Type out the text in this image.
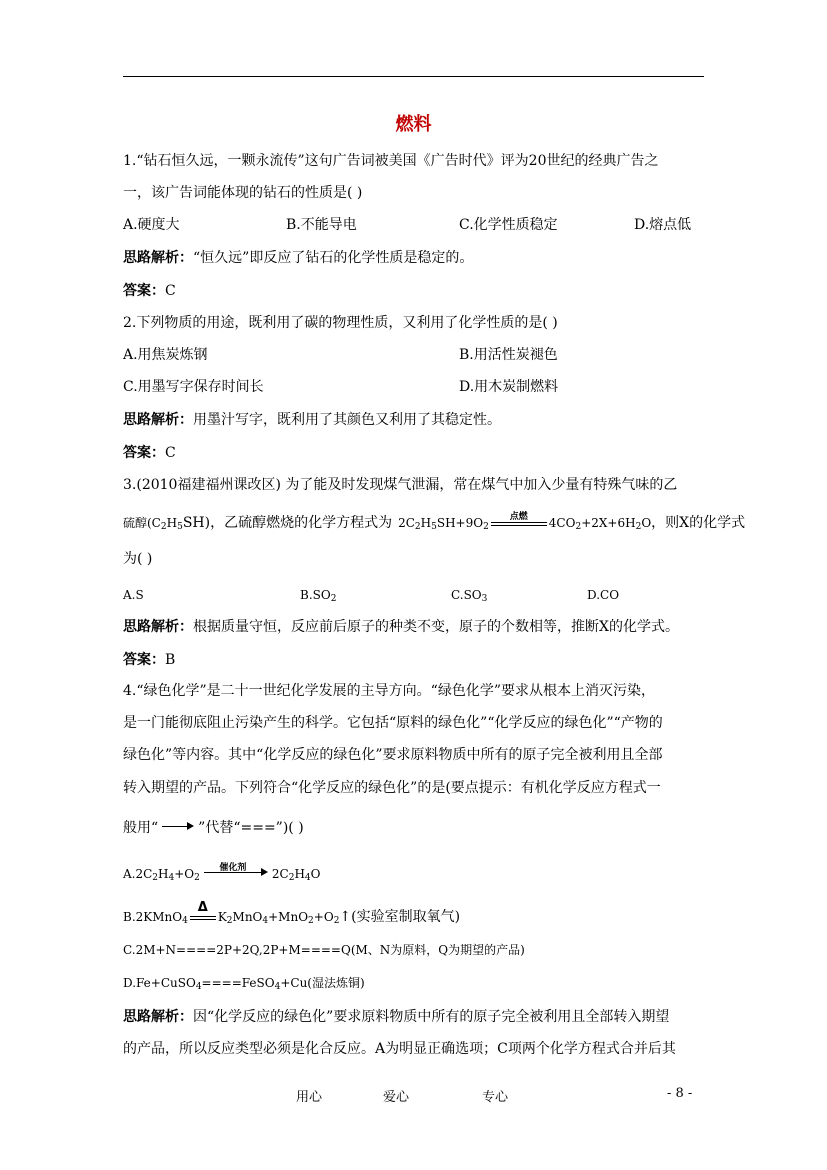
燃料
1.“钻石恒久远，一颗永流传”这句广告词被美国《广告时代》评为20世纪的经典广告之
一，该广告词能体现的钻石的性质是( )
A.硬度大	B.不能导电	C.化学性质稳定	D.熔点低
思路解析：“恒久远”即反应了钻石的化学性质是稳定的。
答案：C
2.下列物质的用途，既利用了碳的物理性质，又利用了化学性质的是( )
A.用焦炭炼钢	B.用活性炭褪色
C.用墨写字保存时间长	D.用木炭制燃料
思路解析：用墨汁写字，既利用了其颜色又利用了其稳定性。
答案：C
3.(2010福建福州课改区) 为了能及时发现煤气泄漏，常在煤气中加入少量有特殊气味的乙
硫醇$(C_2H_5SH)$，乙硫醇燃烧的化学方程式为 $2C_2H_5SH+9O_2$
点燃	$4CO_2+2X+6H_2O$，则X的化学式
为( )
A.S	$B.SO_2$	$C.SO_3$	D.CO
思路解析：根据质量守恒，反应前后原子的种类不变，原子的个数相等，推断X的化学式。
答案：B
4.“绿色化学”是二十一世纪化学发展的主导方向。“绿色化学”要求从根本上消灭污染，
是一门能彻底阻止污染产生的科学。它包括“原料的绿色化”“化学反应的绿色化”“产物的
绿色化”等内容。其中“化学反应的绿色化”要求原料物质中所有的原子完全被利用且全部
转入期望的产品。下列符合“化学反应的绿色化”的是(要点提示：有机化学反应方程式一
般用“	”代替“===”)( )
$A.2C_2H_4+O_2$
催化剂	$2C_2H_4O$
B.2KMnO$_4$
Δ
$K_2MnO_4+MnO_2+O_2↑$(实验室制取氧气)
C.2M+N====2P+2Q,2P+M====Q(M、N为原料，Q为期望的产品)
D.Fe+CuSO$_4$====FeSO$_4$+Cu(湿法炼铜)
思路解析：因“化学反应的绿色化”要求原料物质中所有的原子完全被利用且全部转入期望
的产品，所以反应类型必须是化合反应。A为明显正确选项；C项两个化学方程式合并后其
用心	爱心	专心	- 8 -
